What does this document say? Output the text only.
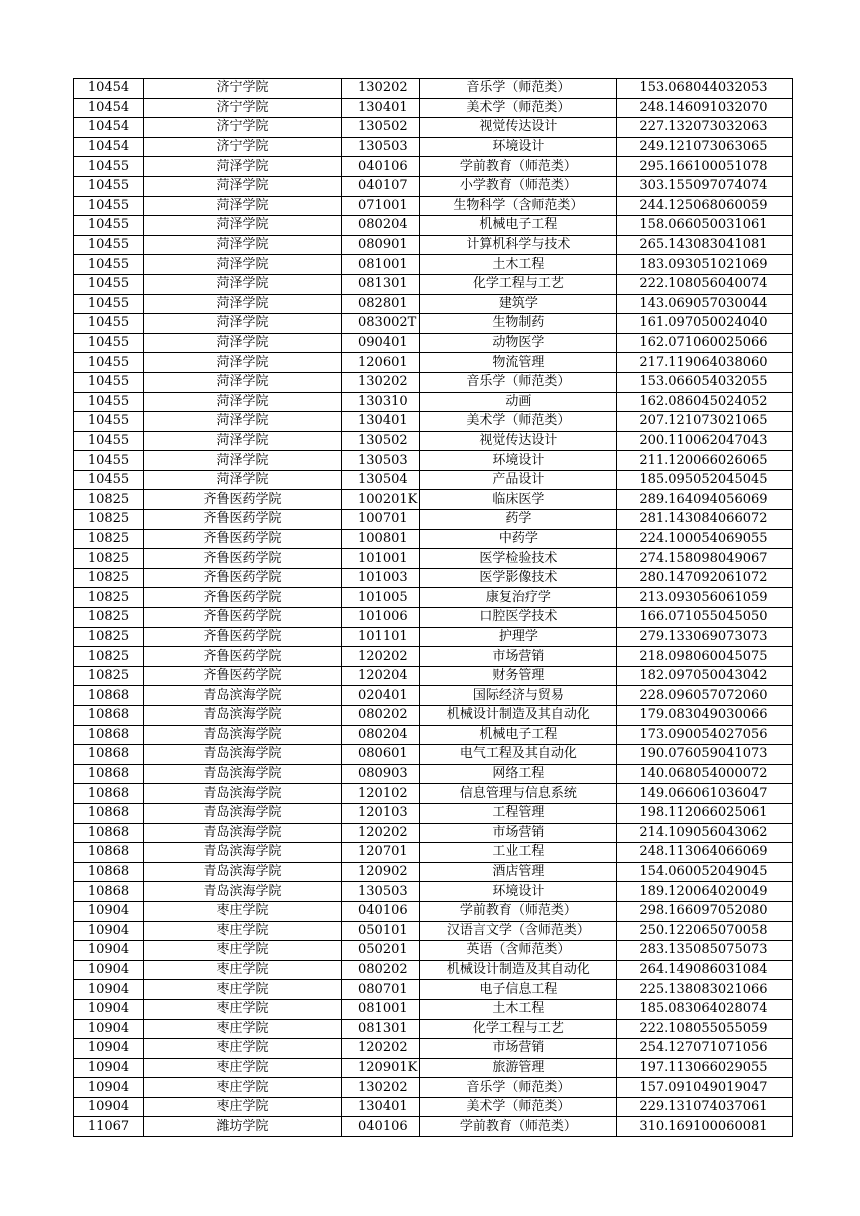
10454	济宁学院	130202	音乐学（师范类）	153.068044032053
10454	济宁学院	130401	美术学（师范类）	248.146091032070
10454	济宁学院	130502	视觉传达设计	227.132073032063
10454	济宁学院	130503	环境设计	249.121073063065
10455	菏泽学院	040106	学前教育（师范类）	295.166100051078
10455	菏泽学院	040107	小学教育（师范类）	303.155097074074
10455	菏泽学院	071001	生物科学（含师范类）	244.125068060059
10455	菏泽学院	080204	机械电子工程	158.066050031061
10455	菏泽学院	080901	计算机科学与技术	265.143083041081
10455	菏泽学院	081001	土木工程	183.093051021069
10455	菏泽学院	081301	化学工程与工艺	222.108056040074
10455	菏泽学院	082801	建筑学	143.069057030044
10455	菏泽学院	083002T	生物制药	161.097050024040
10455	菏泽学院	090401	动物医学	162.071060025066
10455	菏泽学院	120601	物流管理	217.119064038060
10455	菏泽学院	130202	音乐学（师范类）	153.066054032055
10455	菏泽学院	130310	动画	162.086045024052
10455	菏泽学院	130401	美术学（师范类）	207.121073021065
10455	菏泽学院	130502	视觉传达设计	200.110062047043
10455	菏泽学院	130503	环境设计	211.120066026065
10455	菏泽学院	130504	产品设计	185.095052045045
10825	齐鲁医药学院	100201K	临床医学	289.164094056069
10825	齐鲁医药学院	100701	药学	281.143084066072
10825	齐鲁医药学院	100801	中药学	224.100054069055
10825	齐鲁医药学院	101001	医学检验技术	274.158098049067
10825	齐鲁医药学院	101003	医学影像技术	280.147092061072
10825	齐鲁医药学院	101005	康复治疗学	213.093056061059
10825	齐鲁医药学院	101006	口腔医学技术	166.071055045050
10825	齐鲁医药学院	101101	护理学	279.133069073073
10825	齐鲁医药学院	120202	市场营销	218.098060045075
10825	齐鲁医药学院	120204	财务管理	182.097050043042
10868	青岛滨海学院	020401	国际经济与贸易	228.096057072060
10868	青岛滨海学院	080202	机械设计制造及其自动化	179.083049030066
10868	青岛滨海学院	080204	机械电子工程	173.090054027056
10868	青岛滨海学院	080601	电气工程及其自动化	190.076059041073
10868	青岛滨海学院	080903	网络工程	140.068054000072
10868	青岛滨海学院	120102	信息管理与信息系统	149.066061036047
10868	青岛滨海学院	120103	工程管理	198.112066025061
10868	青岛滨海学院	120202	市场营销	214.109056043062
10868	青岛滨海学院	120701	工业工程	248.113064066069
10868	青岛滨海学院	120902	酒店管理	154.060052049045
10868	青岛滨海学院	130503	环境设计	189.120064020049
10904	枣庄学院	040106	学前教育（师范类）	298.166097052080
10904	枣庄学院	050101	汉语言文学（含师范类）	250.122065070058
10904	枣庄学院	050201	英语（含师范类）	283.135085075073
10904	枣庄学院	080202	机械设计制造及其自动化	264.149086031084
10904	枣庄学院	080701	电子信息工程	225.138083021066
10904	枣庄学院	081001	土木工程	185.083064028074
10904	枣庄学院	081301	化学工程与工艺	222.108055055059
10904	枣庄学院	120202	市场营销	254.127071071056
10904	枣庄学院	120901K	旅游管理	197.113066029055
10904	枣庄学院	130202	音乐学（师范类）	157.091049019047
10904	枣庄学院	130401	美术学（师范类）	229.131074037061
11067	潍坊学院	040106	学前教育（师范类）	310.169100060081
